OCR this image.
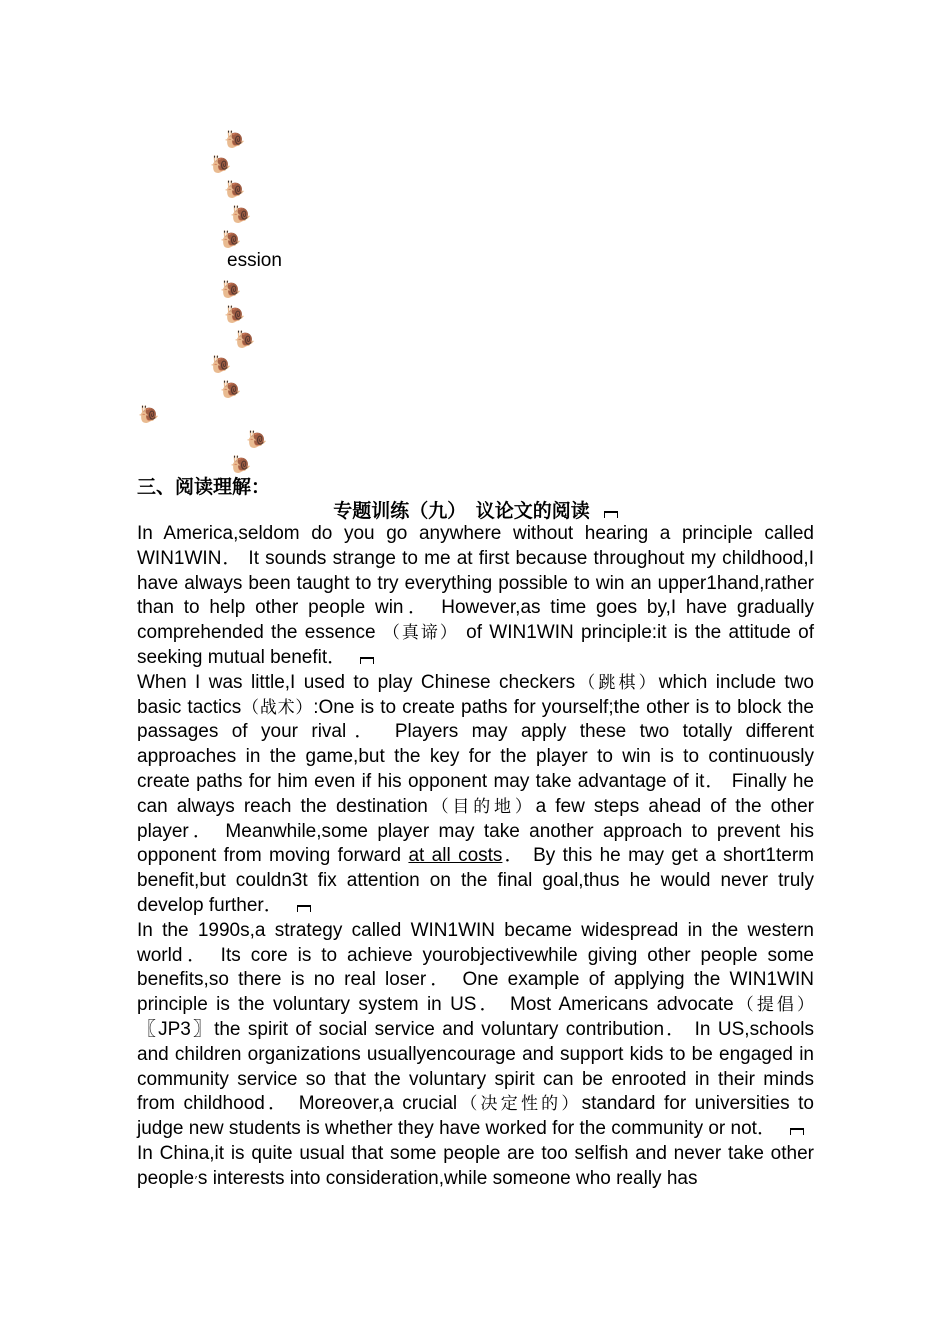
🐌
🐌
🐌
🐌
🐌
ession
🐌
🐌
🐌
🐌
🐌
🐌
🐌
🐌
三、阅读理解：
专题训练（九）　议论文的阅读

In America,seldom do you go anywhere without hearing a principle called WIN1WIN． It sounds strange to me at first because throughout my childhood,I have always been taught to try everything possible to win an upper1hand,rather than to help other people win． However,as time goes by,I have gradually comprehended the essence （真谛） of WIN1WIN principle:it is the attitude of seeking mutual benefit．

When I was little,I used to play Chinese checkers（跳棋）which include two basic tactics（战术）:One is to create paths for yourself;the other is to block the passages of your rival． Players may apply these two totally different approaches in the game,but the key for the player to win is to continuously create paths for him even if his opponent may take advantage of it． Finally he can always reach the destination（目的地）a few steps ahead of the other player． Meanwhile,some player may take another approach to prevent his opponent from moving forward at all costs． By this he may get a short1term benefit,but couldn3t fix attention on the final goal,thus he would never truly develop further．

In the 1990s,a strategy called WIN1WIN became widespread in the western world． Its core is to achieve yourobjectivewhile giving other people some benefits,so there is no real loser． One example of applying the WIN1WIN principle is the voluntary system in US． Most Americans advocate（提倡）〖JP3〗the spirit of social service and voluntary contribution． In US,schools and children organizations usuallyencourage and support kids to be engaged in community service so that the voluntary spirit can be enrooted in their minds from childhood． Moreover,a crucial（决定性的）standard for universities to judge new students is whether they have worked for the community or not．

In China,it is quite usual that some people are too selfish and never take other people׳s interests into consideration,while someone who really has
